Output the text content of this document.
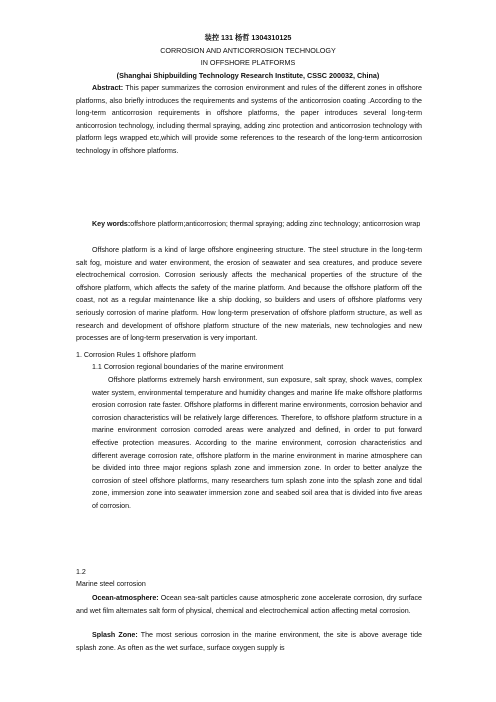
装控 131 杨哲 1304310125
CORROSION AND ANTICORROSION TECHNOLOGY
IN OFFSHORE PLATFORMS
(Shanghai Shipbuilding Technology Research Institute, CSSC 200032, China)

Abstract: This paper summarizes the corrosion environment and rules of the different zones in offshore platforms, also briefly introduces the requirements and systems of the anticorrosion coating .According to the long-term anticorrosion requirements in offshore platforms, the paper introduces several long-term anticorrosion technology, including thermal spraying, adding zinc protection and anticorrosion technology with platform legs wrapped etc,which will provide some references to the research of the long-term anticorrosion technology in offshore platforms.

Key words:offshore platform;anticorrosion; thermal spraying; adding zinc technology; anticorrosion wrap

Offshore platform is a kind of large offshore engineering structure. The steel structure in the long-term salt fog, moisture and water environment, the erosion of seawater and sea creatures, and produce severe electrochemical corrosion. Corrosion seriously affects the mechanical properties of the structure of the offshore platform, which affects the safety of the marine platform. And because the offshore platform off the coast, not as a regular maintenance like a ship docking, so builders and users of offshore platforms very seriously corrosion of marine platform. How long-term preservation of offshore platform structure, as well as research and development of offshore platform structure of the new materials, new technologies and new processes are of long-term preservation is very important.

1. Corrosion Rules 1 offshore platform

1.1 Corrosion regional boundaries of the marine environment

Offshore platforms extremely harsh environment, sun exposure, salt spray, shock waves, complex water system, environmental temperature and humidity changes and marine life make offshore platforms erosion corrosion rate faster. Offshore platforms in different marine environments, corrosion behavior and corrosion characteristics will be relatively large differences. Therefore, to offshore platform structure in a marine environment corrosion corroded areas were analyzed and defined, in order to put forward effective protection measures. According to the marine environment, corrosion characteristics and different average corrosion rate, offshore platform in the marine environment in marine atmosphere can be divided into three major regions splash zone and immersion zone. In order to better analyze the corrosion of steel offshore platforms, many researchers turn splash zone into the splash zone and tidal zone, immersion zone into seawater immersion zone and seabed soil area that is divided into five areas of corrosion.

1.2

Marine steel corrosion

Ocean-atmosphere: Ocean sea-salt particles cause atmospheric zone accelerate corrosion, dry surface and wet film alternates salt form of physical, chemical and electrochemical action affecting metal corrosion.

Splash Zone: The most serious corrosion in the marine environment, the site is above average tide splash zone. As often as the wet surface, surface oxygen supply is
